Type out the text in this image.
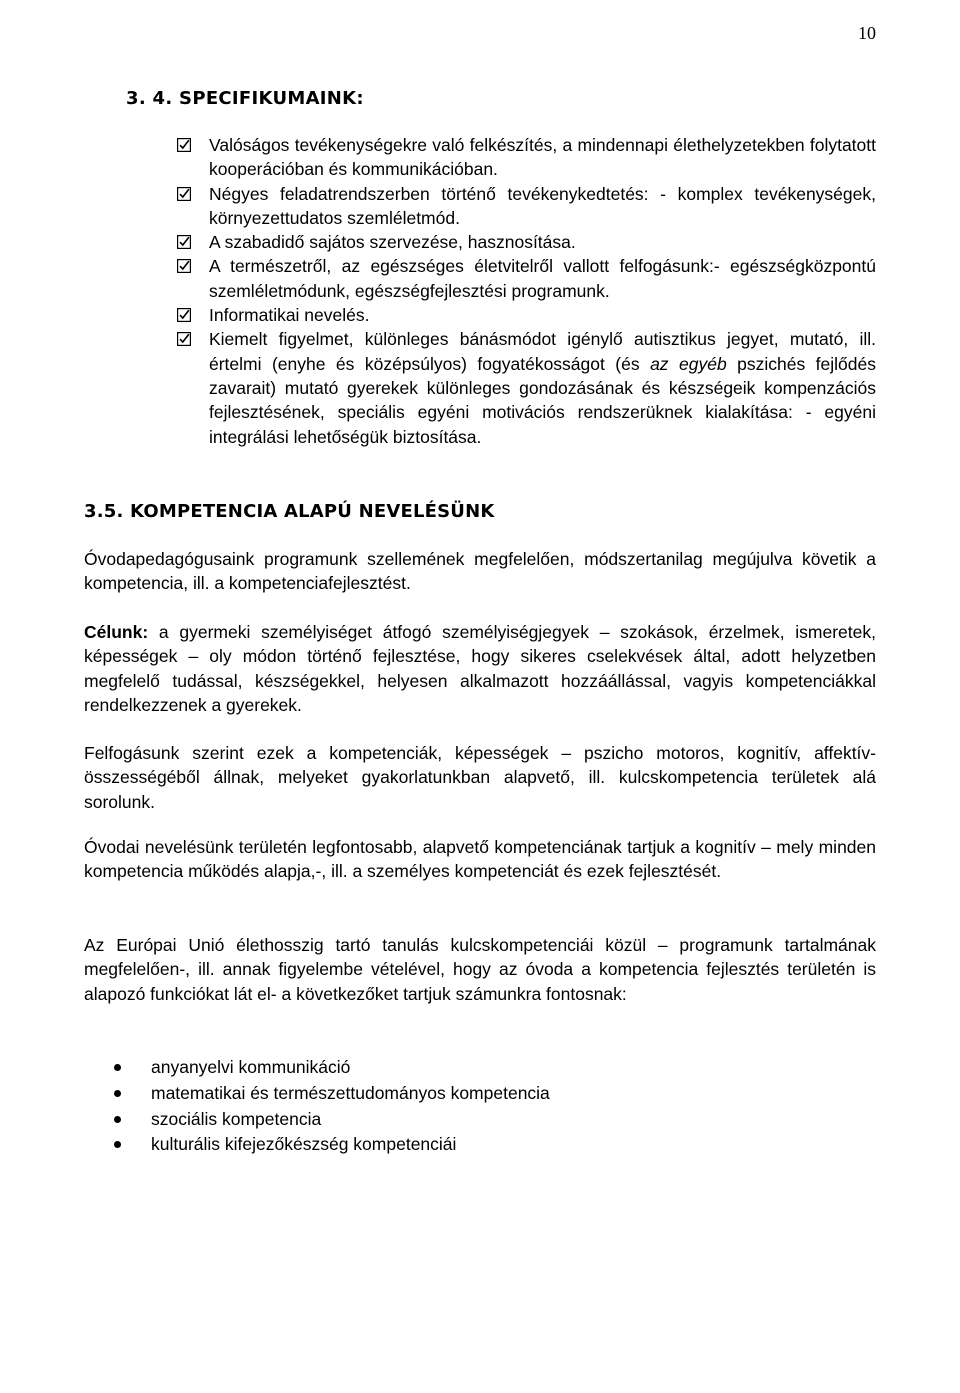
10
3. 4. SPECIFIKUMAINK:
Valóságos tevékenységekre való felkészítés, a mindennapi élethelyzetekben folytatott kooperációban és kommunikációban.
Négyes feladatrendszerben történő tevékenykedtetés: - komplex tevékenységek, környezettudatos szemléletmód.
A szabadidő sajátos szervezése, hasznosítása.
A természetről, az egészséges életvitelről vallott felfogásunk:- egészségközpontú szemléletmódunk, egészségfejlesztési programunk.
Informatikai nevelés.
Kiemelt figyelmet, különleges bánásmódot igénylő autisztikus jegyet, mutató, ill. értelmi (enyhe és középsúlyos) fogyatékosságot (és az egyéb pszichés fejlődés zavarait) mutató gyerekek különleges gondozásának és készségeik kompenzációs fejlesztésének, speciális egyéni motivációs rendszerüknek kialakítása: - egyéni integrálási lehetőségük biztosítása.
3.5. KOMPETENCIA ALAPÚ NEVELÉSÜNK

Óvodapedagógusaink programunk szellemének megfelelően, módszertanilag megújulva követik a kompetencia, ill. a kompetenciafejlesztést.

Célunk: a gyermeki személyiséget átfogó személyiségjegyek – szokások, érzelmek, ismeretek, képességek – oly módon történő fejlesztése, hogy sikeres cselekvések által, adott helyzetben megfelelő tudással, készségekkel, helyesen alkalmazott hozzáállással, vagyis kompetenciákkal rendelkezzenek a gyerekek.

Felfogásunk szerint ezek a kompetenciák, képességek – pszicho motoros, kognitív, affektív-összességéből állnak, melyeket gyakorlatunkban alapvető, ill. kulcskompetencia területek alá sorolunk.

Óvodai nevelésünk területén legfontosabb, alapvető kompetenciának tartjuk a kognitív – mely minden kompetencia működés alapja,-, ill. a személyes kompetenciát és ezek fejlesztését.

Az Európai Unió élethosszig tartó tanulás kulcskompetenciái közül – programunk tartalmának megfelelően-, ill. annak figyelembe vételével, hogy az óvoda a kompetencia fejlesztés területén is alapozó funkciókat lát el- a következőket tartjuk számunkra fontosnak:

anyanyelvi kommunikáció
matematikai és természettudományos kompetencia
szociális kompetencia
kulturális kifejezőkészség kompetenciái
